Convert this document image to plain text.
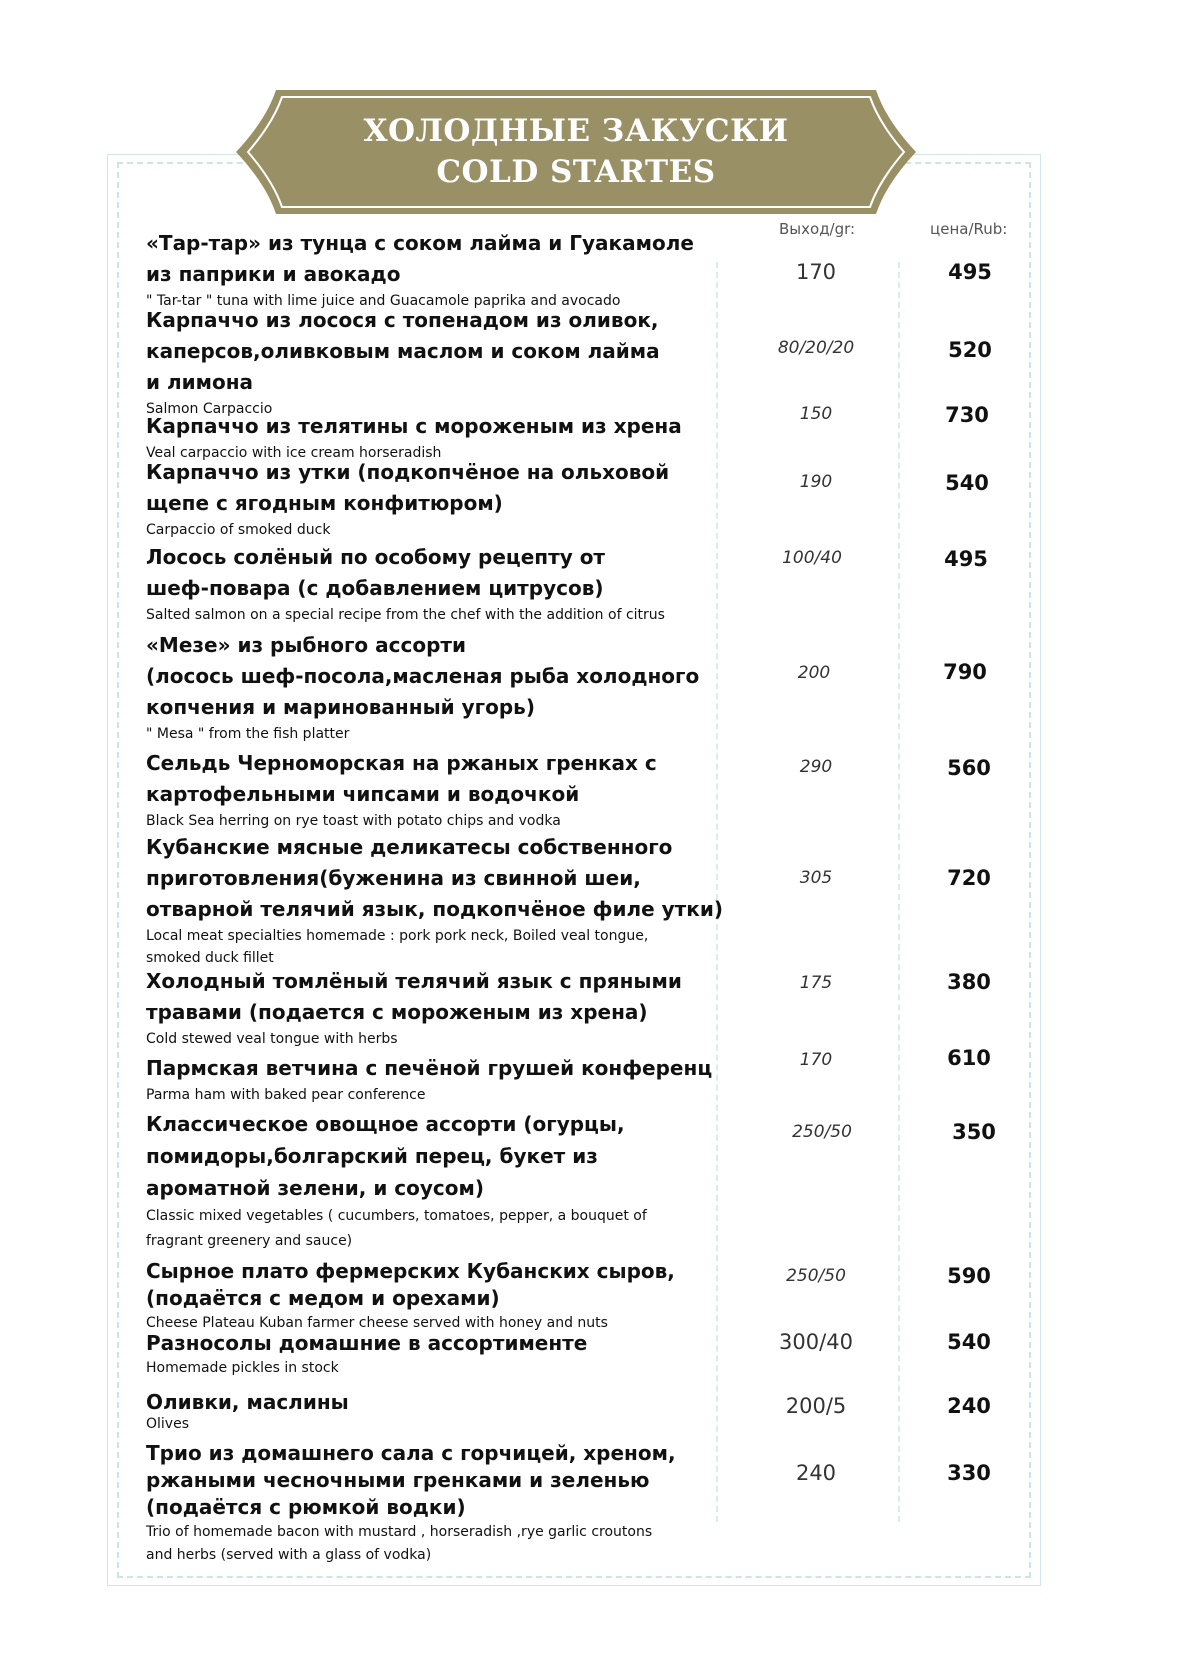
ХОЛОДНЫЕ ЗАКУСКИ
COLD STARTES
Выход/gr:	цена/Rub:

«Тар-тар» из тунца с соком лайма и Гуакамоле
из паприки и авокадо

" Tar-tar " tuna with lime juice and Guacamole paprika and avocado

170	495

Карпаччо из лосося с топенадом из оливок,
каперсов,оливковым маслом и соком лайма
и лимона

Salmon Carpaccio

80/20/20	520

Карпаччо из телятины с мороженым из хрена

Veal carpaccio with ice cream horseradish

150	730

Карпаччо из утки (подкопчёное на ольховой
щепе с ягодным конфитюром)

Carpaccio of smoked duck

190	540

Лосось солёный по особому рецепту от
шеф-повара (с добавлением цитрусов)

Salted salmon on a special recipe from the chef with the addition of citrus

100/40	495

«Мезе» из рыбного ассорти
(лосось шеф-посола,масленая рыба холодного
копчения и маринованный угорь)

" Mesa " from the fish platter

200	790

Сельдь Черноморская на ржаных гренках с
картофельными чипсами и водочкой

Black Sea herring on rye toast with potato chips and vodka

290	560

Кубанские мясные деликатесы собственного
приготовления(буженина из свинной шеи,
отварной телячий язык, подкопчёное филе утки)

Local meat specialties homemade : pork pork neck, Boiled veal tongue,
smoked duck fillet

305	720

Холодный томлёный телячий язык с пряными
травами (подается с мороженым из хрена)

Cold stewed veal tongue with herbs

175	380

Пармская ветчина с печёной грушей конференц

Parma ham with baked pear conference

170	610

Классическое овощное ассорти (огурцы,
помидоры,болгарский перец, букет из
ароматной зелени, и соусом)

Classic mixed vegetables ( cucumbers, tomatoes, pepper, a bouquet of
fragrant greenery and sauce)

250/50	350

Сырное плато фермерских Кубанских сыров,
(подаётся с медом и орехами)

Cheese Plateau Kuban farmer cheese served with honey and nuts

250/50	590

Разносолы домашние в ассортименте

Homemade pickles in stock

300/40	540

Оливки, маслины

Olives

200/5	240

Трио из домашнего сала с горчицей, хреном,
ржаными чесночными гренками и зеленью
(подаётся с рюмкой водки)

Trio of homemade bacon with mustard , horseradish ,rye garlic croutons
and herbs (served with a glass of vodka)

240	330
